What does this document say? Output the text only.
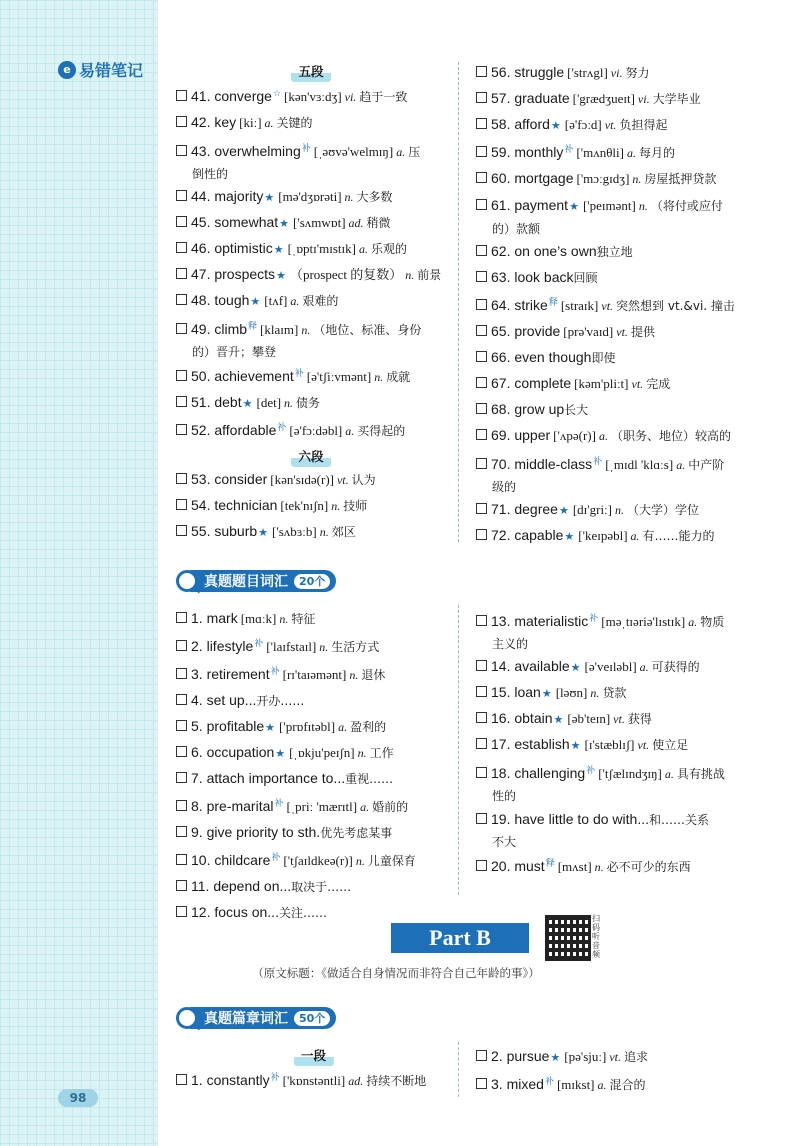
e 易错笔记
98
五段
41. converge☆ [kən'vɜːdʒ] vi. 趋于一致
42. key [kiː] a. 关键的
43. overwhelming$^补$ [ˌəʊvə'welmɪŋ] a. 压
倒性的
44. majority★ [mə'dʒɒrəti] n. 大多数
45. somewhat★ ['sʌmwɒt] ad. 稍微
46. optimistic★ [ˌɒptɪ'mɪstɪk] a. 乐观的
47. prospects★ （prospect 的复数） n. 前景
48. tough★ [tʌf] a. 艰难的
49. climb$^释$ [klaɪm] n. （地位、标准、身份
的）晋升；攀登
50. achievement$^补$ [ə'tʃiːvmənt] n. 成就
51. debt★ [det] n. 债务
52. affordable$^补$ [ə'fɔːdəbl] a. 买得起的
六段
53. consider [kən'sɪdə(r)] vt. 认为
54. technician [tek'nɪʃn] n. 技师
55. suburb★ ['sʌbɜːb] n. 郊区
56. struggle ['strʌgl] vi. 努力
57. graduate ['grædʒueɪt] vi. 大学毕业
58. afford★ [ə'fɔːd] vt. 负担得起
59. monthly$^补$ ['mʌnθli] a. 每月的
60. mortgage ['mɔːgɪdʒ] n. 房屋抵押贷款
61. payment★ ['peɪmənt] n. （将付或应付
的）款额
62. on one’s own独立地
63. look back回顾
64. strike$^释$ [straɪk] vt. 突然想到 vt.&vi. 撞击
65. provide [prə'vaɪd] vt. 提供
66. even though即使
67. complete [kəm'pliːt] vt. 完成
68. grow up长大
69. upper ['ʌpə(r)] a. （职务、地位）较高的
70. middle-class$^补$ [ˌmɪdl 'klɑːs] a. 中产阶
级的
71. degree★ [dɪ'griː] n. （大学）学位
72. capable★ ['keɪpəbl] a. 有……能力的
真题题目词汇	20个
1. mark [mɑːk] n. 特征
2. lifestyle$^补$ ['laɪfstaɪl] n. 生活方式
3. retirement$^补$ [rɪ'taɪəmənt] n. 退休
4. set up...开办……
5. profitable★ ['prɒfɪtəbl] a. 盈利的
6. occupation★ [ˌɒkju'peɪʃn] n. 工作
7. attach importance to...重视……
8. pre-marital$^补$ [ˌpriː 'mærɪtl] a. 婚前的
9. give priority to sth.优先考虑某事
10. childcare$^补$ ['tʃaɪldkeə(r)] n. 儿童保育
11. depend on...取决于……
12. focus on...关注……
13. materialistic$^补$ [məˌtɪəriə'lɪstɪk] a. 物质
主义的
14. available★ [ə'veɪləbl] a. 可获得的
15. loan★ [ləʊn] n. 贷款
16. obtain★ [əb'teɪn] vt. 获得
17. establish★ [ɪ'stæblɪʃ] vt. 使立足
18. challenging$^补$ ['tʃælɪndʒɪŋ] a. 具有挑战
性的
19. have little to do with...和……关系
不大
20. must$^释$ [mʌst] n. 必不可少的东西
Part B
扫码听音频
（原文标题：《做适合自身情况而非符合自己年龄的事》）
真题篇章词汇	50个
一段
1. constantly$^补$ ['kɒnstəntli] ad. 持续不断地
2. pursue★ [pə'sjuː] vt. 追求
3. mixed$^补$ [mɪkst] a. 混合的
